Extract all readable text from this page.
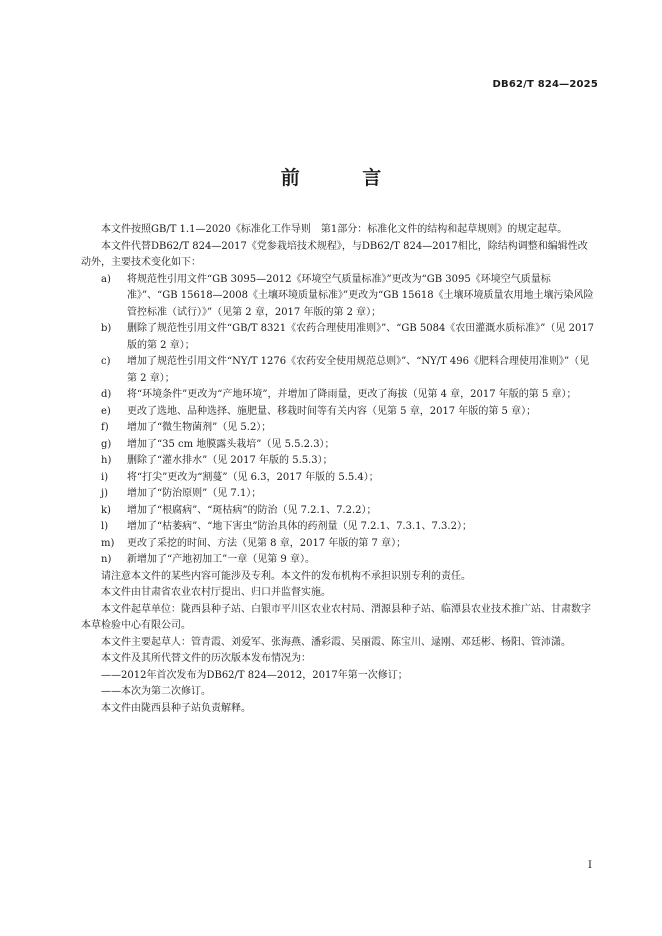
DB62/T 824—2025
前 言

本文件按照GB/T 1.1—2020《标准化工作导则　第1部分：标准化文件的结构和起草规则》的规定起草。

本文件代替DB62/T 824—2017《党参栽培技术规程》，与DB62/T 824—2017相比，除结构调整和编辑性改动外，主要技术变化如下：

a)	将规范性引用文件“GB 3095—2012《环境空气质量标准》”更改为“GB 3095《环境空气质量标准》”、“GB 15618—2008《土壤环境质量标准》”更改为“GB 15618《土壤环境质量农用地土壤污染风险管控标准（试行）》”（见第 2 章，2017 年版的第 2 章）；
b)	删除了规范性引用文件“GB/T 8321《农药合理使用准则》”、“GB 5084《农田灌溉水质标准》”（见 2017 版的第 2 章）；
c)	增加了规范性引用文件“NY/T 1276《农药安全使用规范总则》”、“NY/T 496《肥料合理使用准则》”（见第 2 章）；
d)	将“环境条件”更改为“产地环境”，并增加了降雨量，更改了海拔（见第 4 章，2017 年版的第 5 章）；
e)	更改了选地、品种选择、施肥量、移栽时间等有关内容（见第 5 章，2017 年版的第 5 章）；
f)	增加了“微生物菌剂”（见 5.2）；
g)	增加了“35 cm 地膜露头栽培”（见 5.5.2.3）；
h)	删除了“灌水排水”（见 2017 年版的 5.5.3）；
i)	将“打尖”更改为“割蔓”（见 6.3，2017 年版的 5.5.4）；
j)	增加了“防治原则”（见 7.1）；
k)	增加了“根腐病”、“斑枯病”的防治（见 7.2.1、7.2.2）；
l)	增加了“枯萎病”、“地下害虫”防治具体的药剂量（见 7.2.1、7.3.1、7.3.2）；
m)	更改了采挖的时间、方法（见第 8 章，2017 年版的第 7 章）；
n)	新增加了“产地初加工”一章（见第 9 章）。

请注意本文件的某些内容可能涉及专利。本文件的发布机构不承担识别专利的责任。

本文件由甘肃省农业农村厅提出、归口并监督实施。

本文件起草单位：陇西县种子站、白银市平川区农业农村局、渭源县种子站、临潭县农业技术推广站、甘肃数字本草检验中心有限公司。

本文件主要起草人：管青霞、刘爱军、张海燕、潘彩霞、吴丽霞、陈宝川、逯刚、邓廷彬、杨阳、管沛潇。

本文件及其所代替文件的历次版本发布情况为：

——2012年首次发布为DB62/T 824—2012，2017年第一次修订；

——本次为第二次修订。

本文件由陇西县种子站负责解释。

I
